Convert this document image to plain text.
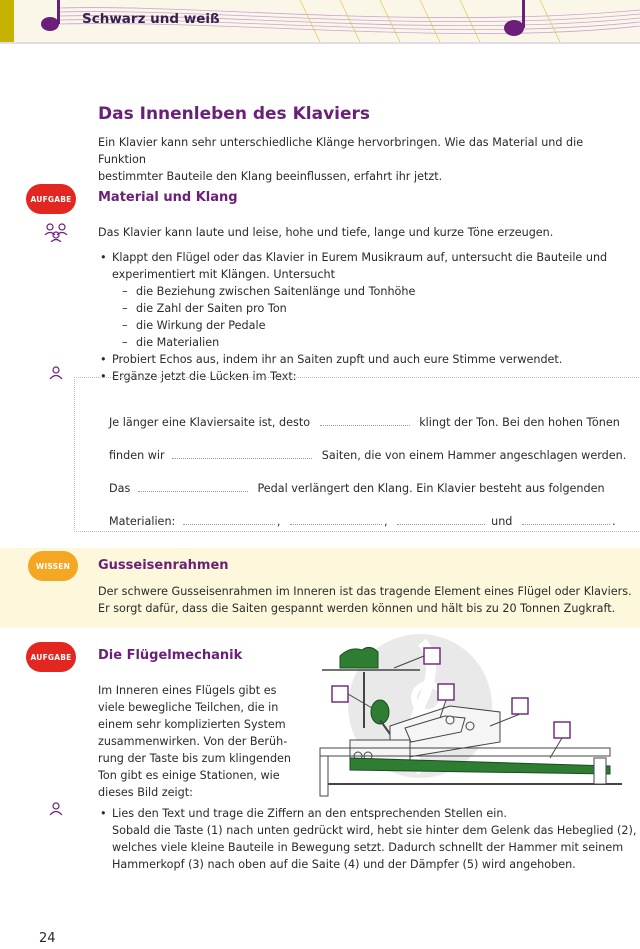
Schwarz und weiß
Das Innenleben des Klaviers
Ein Klavier kann sehr unterschiedliche Klänge hervorbringen. Wie das Material und die Funktion
bestimmter Bauteile den Klang beeinflussen, erfahrt ihr jetzt.
AUFGABE	Material und Klang
Das Klavier kann laute und leise, hohe und tiefe, lange und kurze Töne erzeugen.
• Klappt den Flügel oder das Klavier in Eurem Musikraum auf, untersucht die Bauteile und
experimentiert mit Klängen. Untersucht
– die Beziehung zwischen Saitenlänge und Tonhöhe
– die Zahl der Saiten pro Ton
– die Wirkung der Pedale
– die Materialien
• Probiert Echos aus, indem ihr an Saiten zupft und auch eure Stimme verwendet.
• Ergänze jetzt die Lücken im Text:
Je länger eine Klaviersaite ist, desto	klingt der Ton. Bei den hohen Tönen
finden wir	Saiten, die von einem Hammer angeschlagen werden.
Das	Pedal verlängert den Klang. Ein Klavier besteht aus folgenden
Materialien:	,	,	und	.
WISSEN	Gusseisenrahmen
Der schwere Gusseisenrahmen im Inneren ist das tragende Element eines Flügel oder Klaviers.
Er sorgt dafür, dass die Saiten gespannt werden können und hält bis zu 20 Tonnen Zugkraft.
AUFGABE	Die Flügelmechanik
Im Inneren eines Flügels gibt es
viele bewegliche Teilchen, die in
einem sehr komplizierten System
zusammenwirken. Von der Berüh-
rung der Taste bis zum klingenden
Ton gibt es einige Stationen, wie
dieses Bild zeigt:
• Lies den Text und trage die Ziffern an den entsprechenden Stellen ein.
Sobald die Taste (1) nach unten gedrückt wird, hebt sie hinter dem Gelenk das Hebeglied (2),
welches viele kleine Bauteile in Bewegung setzt. Dadurch schnellt der Hammer mit seinem
Hammerkopf (3) nach oben auf die Saite (4) und der Dämpfer (5) wird angehoben.
24
